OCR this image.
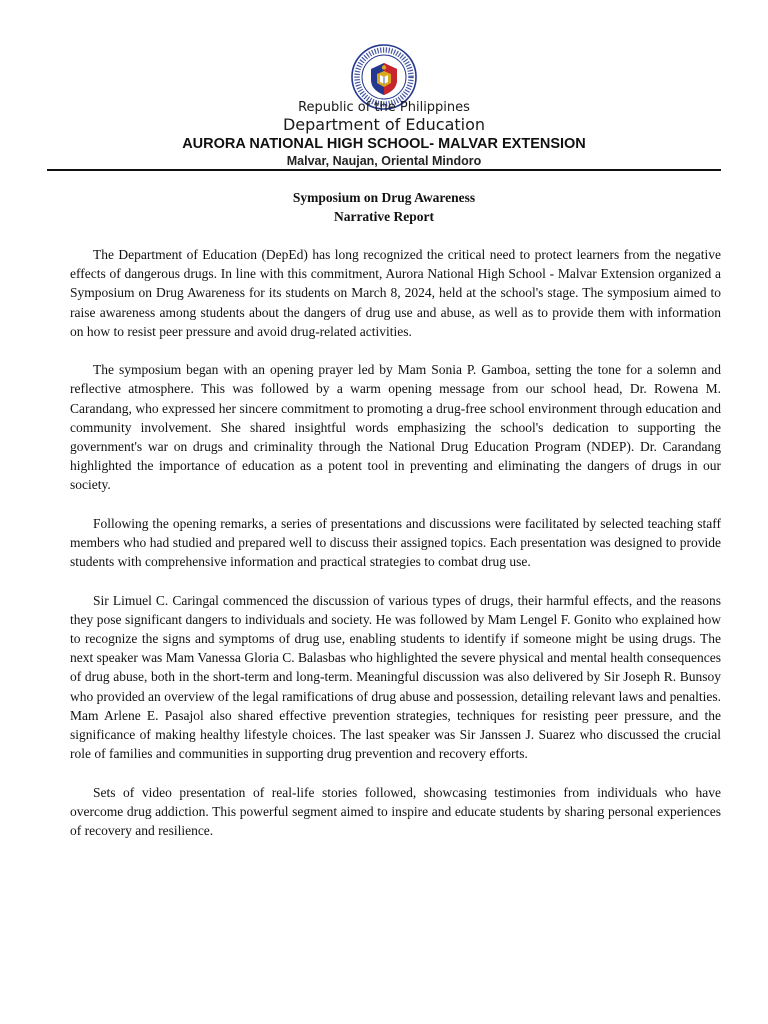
Republic of the Philippines
Department of Education
AURORA NATIONAL HIGH SCHOOL- MALVAR EXTENSION
Malvar, Naujan, Oriental Mindoro
Symposium on Drug Awareness
Narrative Report

The Department of Education (DepEd) has long recognized the critical need to protect learners from the negative effects of dangerous drugs. In line with this commitment, Aurora National High School - Malvar Extension organized a Symposium on Drug Awareness for its students on March 8, 2024, held at the school's stage. The symposium aimed to raise awareness among students about the dangers of drug use and abuse, as well as to provide them with information on how to resist peer pressure and avoid drug-related activities.

The symposium began with an opening prayer led by Mam Sonia P. Gamboa, setting the tone for a solemn and reflective atmosphere. This was followed by a warm opening message from our school head, Dr. Rowena M. Carandang, who expressed her sincere commitment to promoting a drug-free school environment through education and community involvement. She shared insightful words emphasizing the school's dedication to supporting the government's war on drugs and criminality through the National Drug Education Program (NDEP). Dr. Carandang highlighted the importance of education as a potent tool in preventing and eliminating the dangers of drugs in our society.

Following the opening remarks, a series of presentations and discussions were facilitated by selected teaching staff members who had studied and prepared well to discuss their assigned topics. Each presentation was designed to provide students with comprehensive information and practical strategies to combat drug use.

Sir Limuel C. Caringal commenced the discussion of various types of drugs, their harmful effects, and the reasons they pose significant dangers to individuals and society. He was followed by Mam Lengel F. Gonito who explained how to recognize the signs and symptoms of drug use, enabling students to identify if someone might be using drugs. The next speaker was Mam Vanessa Gloria C. Balasbas who highlighted the severe physical and mental health consequences of drug abuse, both in the short-term and long-term. Meaningful discussion was also delivered by Sir Joseph R. Bunsoy who provided an overview of the legal ramifications of drug abuse and possession, detailing relevant laws and penalties. Mam Arlene E. Pasajol also shared effective prevention strategies, techniques for resisting peer pressure, and the significance of making healthy lifestyle choices. The last speaker was Sir Janssen J. Suarez who discussed the crucial role of families and communities in supporting drug prevention and recovery efforts.

Sets of video presentation of real-life stories followed, showcasing testimonies from individuals who have overcome drug addiction. This powerful segment aimed to inspire and educate students by sharing personal experiences of recovery and resilience.
